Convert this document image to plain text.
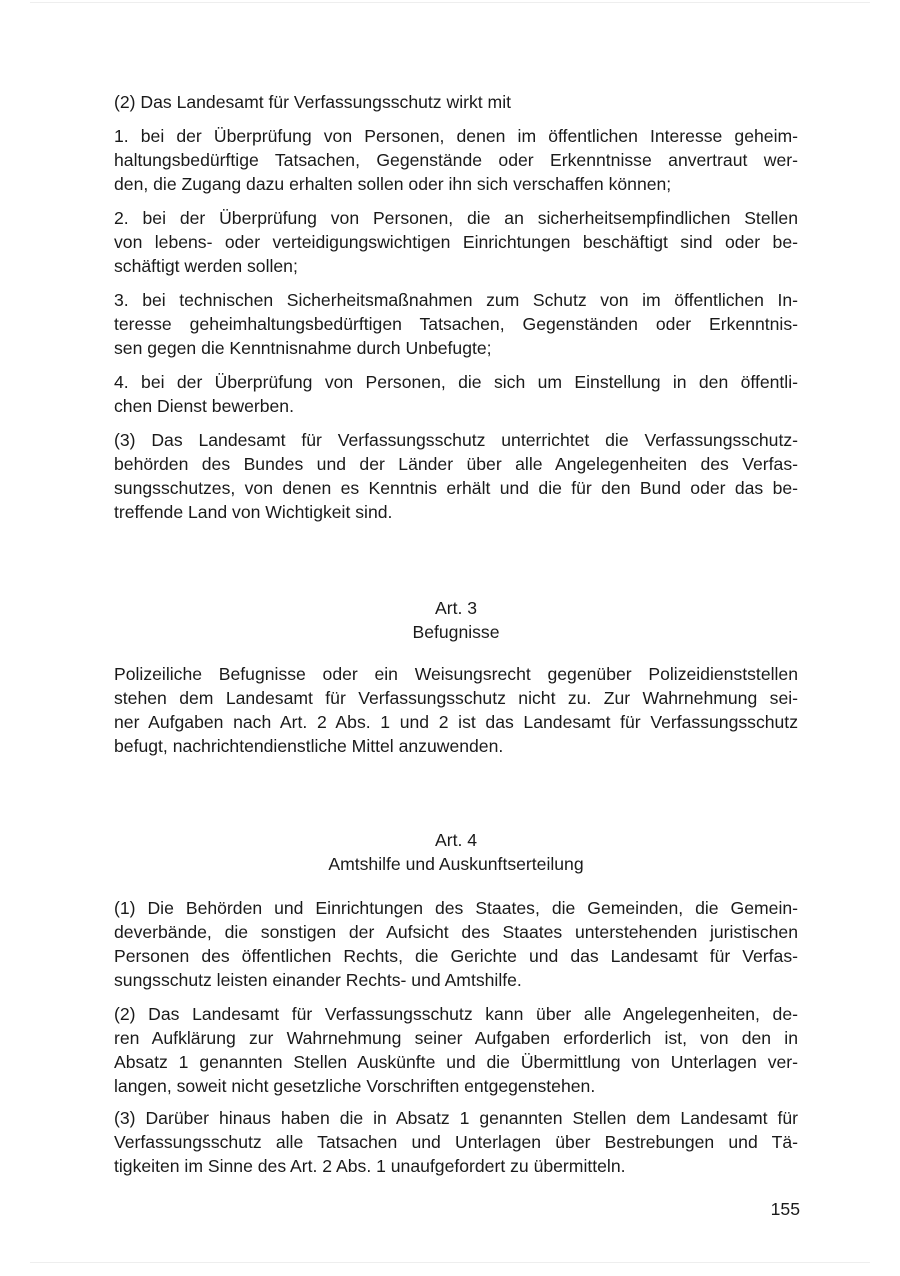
(2) Das Landesamt für Verfassungsschutz wirkt mit
1. bei der Überprüfung von Personen, denen im öffentlichen Interesse geheim-
haltungsbedürftige Tatsachen, Gegenstände oder Erkenntnisse anvertraut wer-
den, die Zugang dazu erhalten sollen oder ihn sich verschaffen können;
2. bei der Überprüfung von Personen, die an sicherheitsempfindlichen Stellen
von lebens- oder verteidigungswichtigen Einrichtungen beschäftigt sind oder be-
schäftigt werden sollen;
3. bei technischen Sicherheitsmaßnahmen zum Schutz von im öffentlichen In-
teresse geheimhaltungsbedürftigen Tatsachen, Gegenständen oder Erkenntnis-
sen gegen die Kenntnisnahme durch Unbefugte;
4. bei der Überprüfung von Personen, die sich um Einstellung in den öffentli-
chen Dienst bewerben.
(3) Das Landesamt für Verfassungsschutz unterrichtet die Verfassungsschutz-
behörden des Bundes und der Länder über alle Angelegenheiten des Verfas-
sungsschutzes, von denen es Kenntnis erhält und die für den Bund oder das be-
treffende Land von Wichtigkeit sind.
Art. 3
Befugnisse
Polizeiliche Befugnisse oder ein Weisungsrecht gegenüber Polizeidienststellen
stehen dem Landesamt für Verfassungsschutz nicht zu. Zur Wahrnehmung sei-
ner Aufgaben nach Art. 2 Abs. 1 und 2 ist das Landesamt für Verfassungsschutz
befugt, nachrichtendienstliche Mittel anzuwenden.
Art. 4
Amtshilfe und Auskunftserteilung
(1) Die Behörden und Einrichtungen des Staates, die Gemeinden, die Gemein-
deverbände, die sonstigen der Aufsicht des Staates unterstehenden juristischen
Personen des öffentlichen Rechts, die Gerichte und das Landesamt für Verfas-
sungsschutz leisten einander Rechts- und Amtshilfe.
(2) Das Landesamt für Verfassungsschutz kann über alle Angelegenheiten, de-
ren Aufklärung zur Wahrnehmung seiner Aufgaben erforderlich ist, von den in
Absatz 1 genannten Stellen Auskünfte und die Übermittlung von Unterlagen ver-
langen, soweit nicht gesetzliche Vorschriften entgegenstehen.
(3) Darüber hinaus haben die in Absatz 1 genannten Stellen dem Landesamt für
Verfassungsschutz alle Tatsachen und Unterlagen über Bestrebungen und Tä-
tigkeiten im Sinne des Art. 2 Abs. 1 unaufgefordert zu übermitteln.
155
